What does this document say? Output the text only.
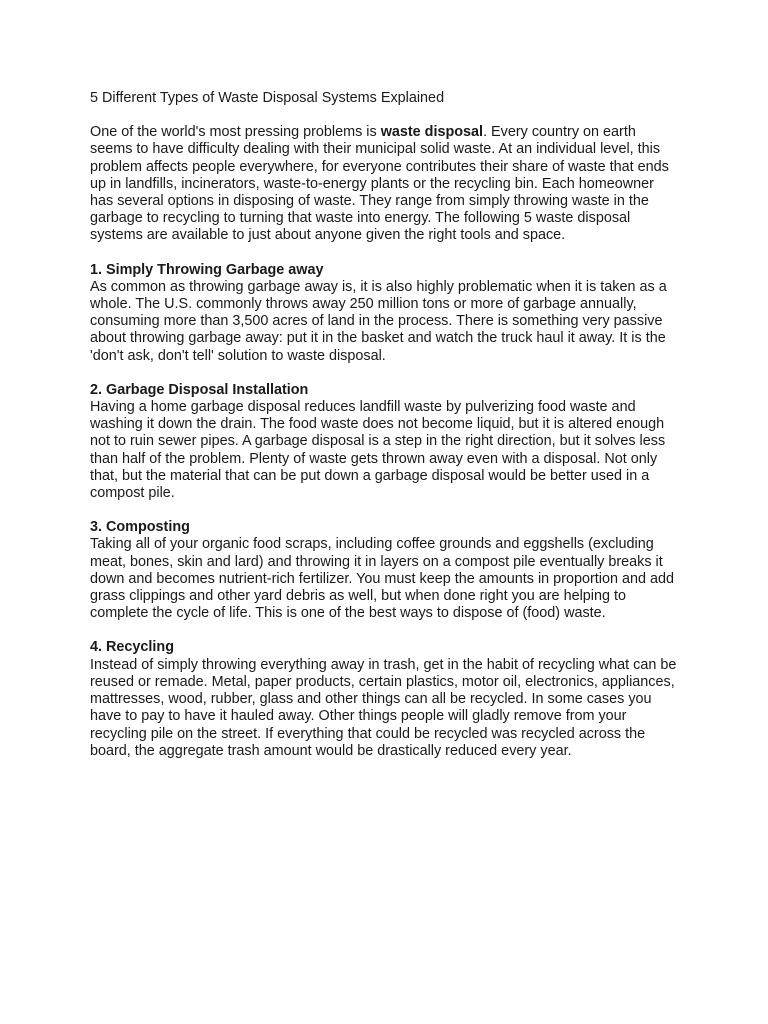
5 Different Types of Waste Disposal Systems Explained

One of the world's most pressing problems is waste disposal. Every country on earth seems to have difficulty dealing with their municipal solid waste. At an individual level, this problem affects people everywhere, for everyone contributes their share of waste that ends up in landfills, incinerators, waste-to-energy plants or the recycling bin. Each homeowner has several options in disposing of waste. They range from simply throwing waste in the garbage to recycling to turning that waste into energy. The following 5 waste disposal systems are available to just about anyone given the right tools and space.

1. Simply Throwing Garbage away

As common as throwing garbage away is, it is also highly problematic when it is taken as a whole. The U.S. commonly throws away 250 million tons or more of garbage annually, consuming more than 3,500 acres of land in the process. There is something very passive about throwing garbage away: put it in the basket and watch the truck haul it away. It is the 'don't ask, don't tell' solution to waste disposal.

2. Garbage Disposal Installation

Having a home garbage disposal reduces landfill waste by pulverizing food waste and washing it down the drain. The food waste does not become liquid, but it is altered enough not to ruin sewer pipes. A garbage disposal is a step in the right direction, but it solves less than half of the problem. Plenty of waste gets thrown away even with a disposal. Not only that, but the material that can be put down a garbage disposal would be better used in a compost pile.

3. Composting

Taking all of your organic food scraps, including coffee grounds and eggshells (excluding meat, bones, skin and lard) and throwing it in layers on a compost pile eventually breaks it down and becomes nutrient-rich fertilizer. You must keep the amounts in proportion and add grass clippings and other yard debris as well, but when done right you are helping to complete the cycle of life. This is one of the best ways to dispose of (food) waste.

4. Recycling

Instead of simply throwing everything away in trash, get in the habit of recycling what can be reused or remade. Metal, paper products, certain plastics, motor oil, electronics, appliances, mattresses, wood, rubber, glass and other things can all be recycled. In some cases you have to pay to have it hauled away. Other things people will gladly remove from your recycling pile on the street. If everything that could be recycled was recycled across the board, the aggregate trash amount would be drastically reduced every year.
